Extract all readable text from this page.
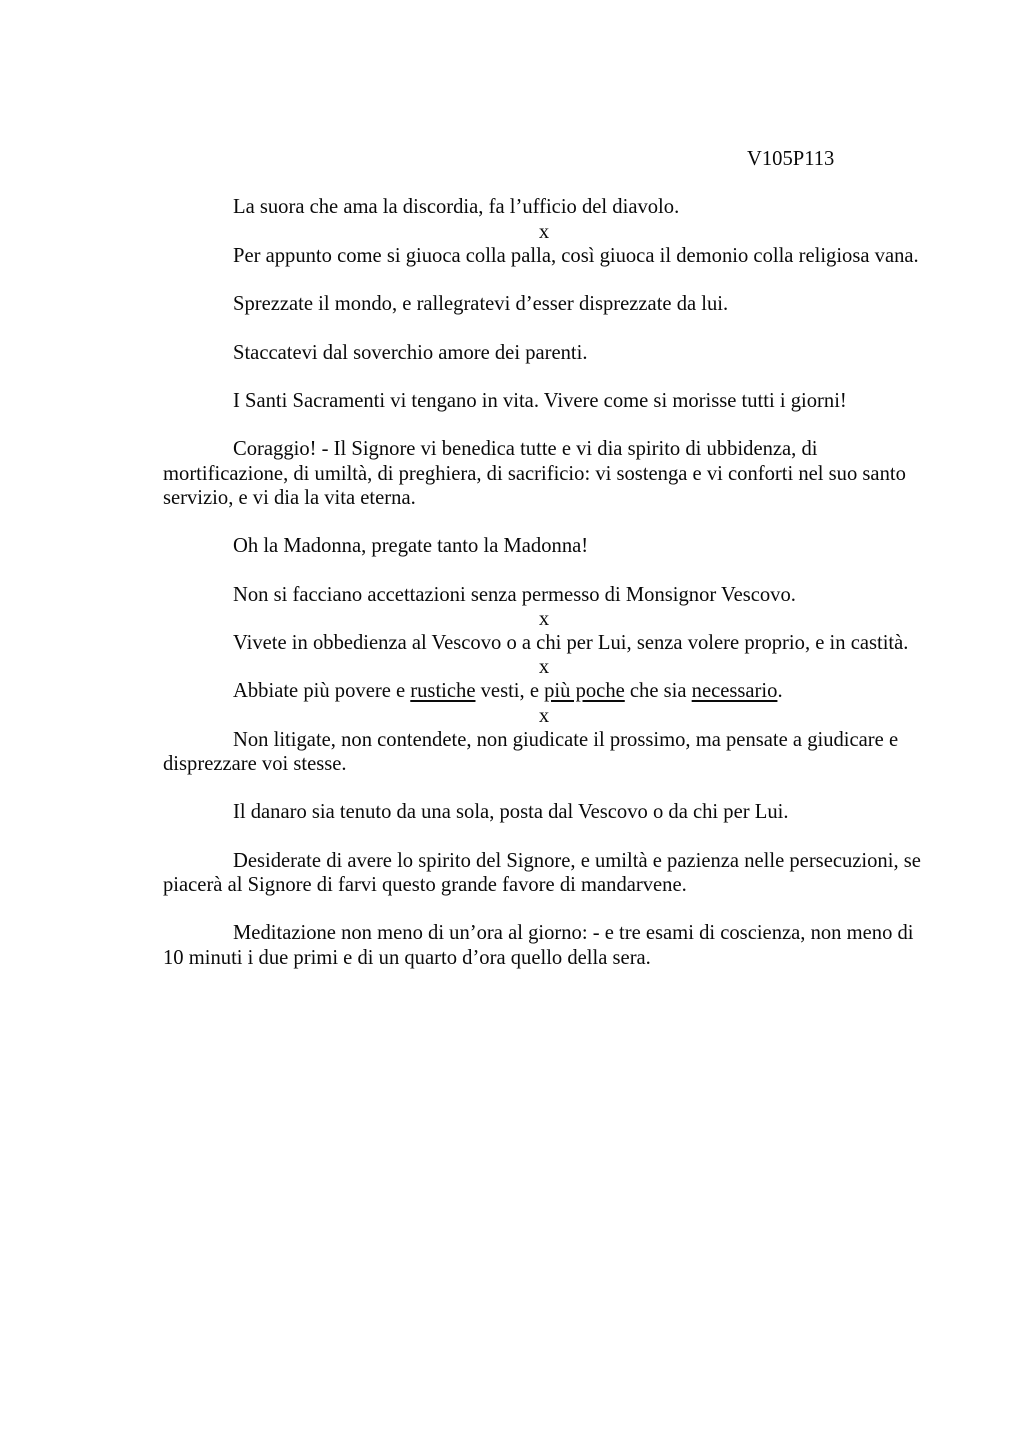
V105P113

La suora che ama la discordia, fa l’ufficio del diavolo.

x

Per appunto come si giuoca colla palla, così giuoca il demonio colla religiosa vana.

Sprezzate il mondo, e rallegratevi d’esser disprezzate da lui.

Staccatevi dal soverchio amore dei parenti.

I Santi Sacramenti vi tengano in vita. Vivere come si morisse tutti i giorni!

Coraggio! - Il Signore vi benedica tutte e vi dia spirito di ubbidenza, di mortificazione, di umiltà, di preghiera, di sacrificio: vi sostenga e vi conforti nel suo santo servizio, e vi dia la vita eterna.

Oh la Madonna, pregate tanto la Madonna!

Non si facciano accettazioni senza permesso di Monsignor Vescovo.

x

Vivete in obbedienza al Vescovo o a chi per Lui, senza volere proprio, e in castità.

x

Abbiate più povere e rustiche vesti, e più poche che sia necessario.

x

Non litigate, non contendete, non giudicate il prossimo, ma pensate a giudicare e disprezzare voi stesse.

Il danaro sia tenuto da una sola, posta dal Vescovo o da chi per Lui.

Desiderate di avere lo spirito del Signore, e umiltà e pazienza nelle persecuzioni, se piacerà al Signore di farvi questo grande favore di mandarvene.

Meditazione non meno di un’ora al giorno: - e tre esami di coscienza, non meno di 10 minuti i due primi e di un quarto d’ora quello della sera.
